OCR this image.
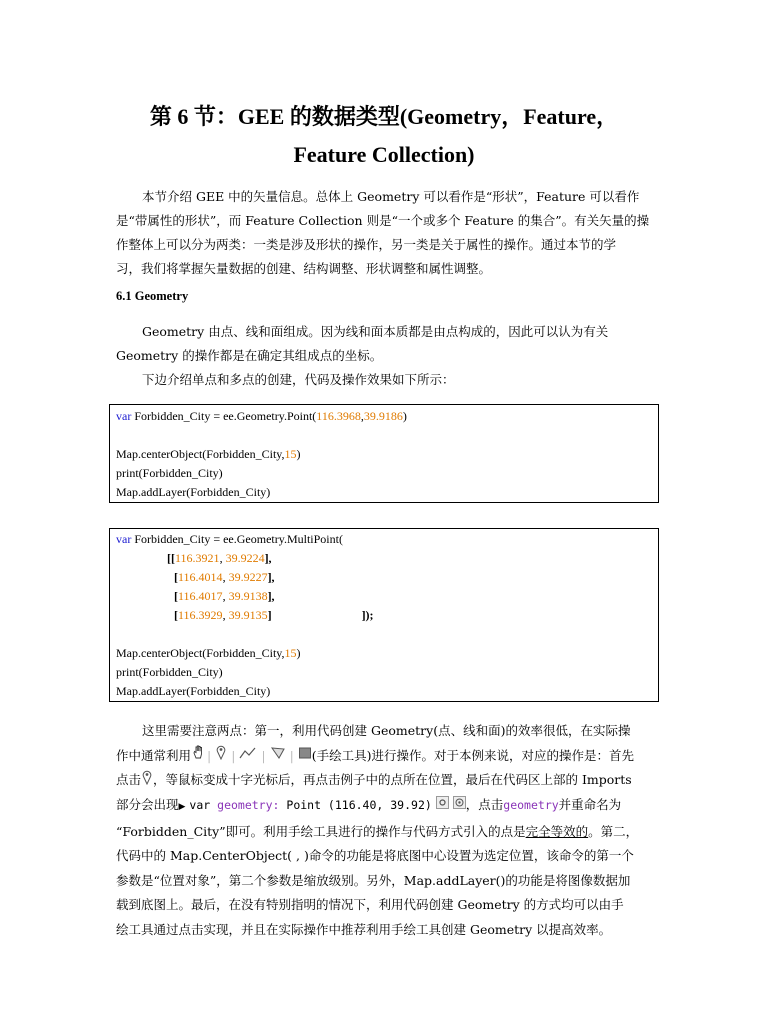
第 6 节：GEE 的数据类型(Geometry，Feature，
Feature Collection)
本节介绍 GEE 中的矢量信息。总体上 Geometry 可以看作是“形状”，Feature 可以看作
是“带属性的形状”，而 Feature Collection 则是“一个或多个 Feature 的集合”。有关矢量的操
作整体上可以分为两类：一类是涉及形状的操作，另一类是关于属性的操作。通过本节的学
习，我们将掌握矢量数据的创建、结构调整、形状调整和属性调整。
6.1 Geometry
Geometry 由点、线和面组成。因为线和面本质都是由点构成的，因此可以认为有关
Geometry 的操作都是在确定其组成点的坐标。
下边介绍单点和多点的创建，代码及操作效果如下所示：
var Forbidden_City = ee.Geometry.Point(116.3968,39.9186)
Map.centerObject(Forbidden_City,15)
print(Forbidden_City)
Map.addLayer(Forbidden_City)
var Forbidden_City = ee.Geometry.MultiPoint(
[[116.3921, 39.9224],
[116.4014, 39.9227],
[116.4017, 39.9138],
[116.3929, 39.9135]	]);
Map.centerObject(Forbidden_City,15)
print(Forbidden_City)
Map.addLayer(Forbidden_City)
这里需要注意两点：第一，利用代码创建 Geometry(点、线和面)的效率很低，在实际操
作中通常利用 | | | | (手绘工具)进行操作。对于本例来说，对应的操作是：首先
点击 ，等鼠标变成十字光标后，再点击例子中的点所在位置，最后在代码区上部的 Imports
部分会出现▶ var geometry: Point (116.40, 39.92)	，点击geometry并重命名为
“Forbidden_City”即可。利用手绘工具进行的操作与代码方式引入的点是完全等效的。第二，
代码中的 Map.CenterObject( , )命令的功能是将底图中心设置为选定位置，该命令的第一个
参数是“位置对象”，第二个参数是缩放级别。另外，Map.addLayer()的功能是将图像数据加
载到底图上。最后，在没有特别指明的情况下，利用代码创建 Geometry 的方式均可以由手
绘工具通过点击实现，并且在实际操作中推荐利用手绘工具创建 Geometry 以提高效率。
